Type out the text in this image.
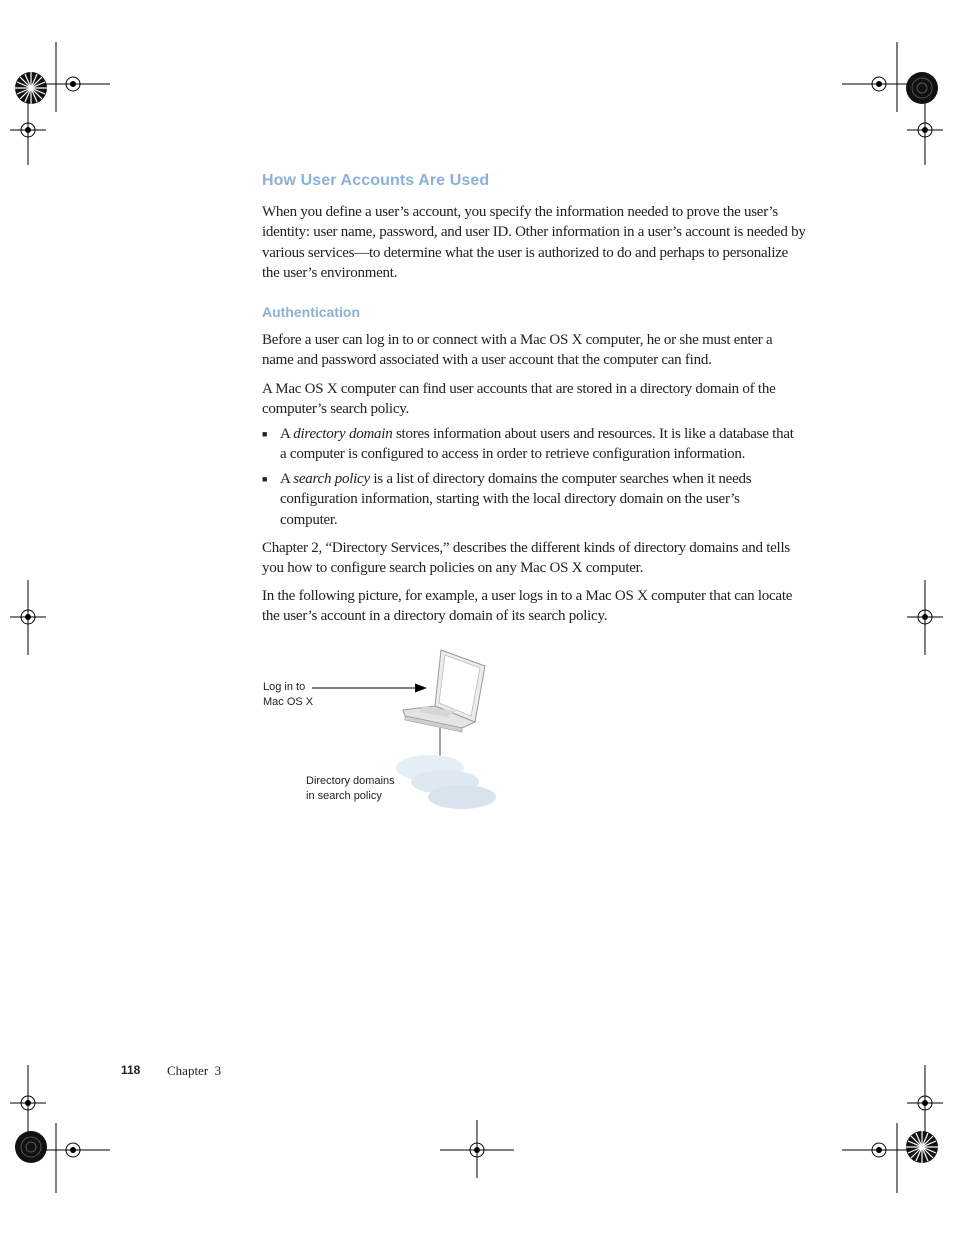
How User Accounts Are Used
When you define a user’s account, you specify the information needed to prove the user’s identity: user name, password, and user ID. Other information in a user’s account is needed by various services—to determine what the user is authorized to do and perhaps to personalize the user’s environment.
Authentication
Before a user can log in to or connect with a Mac OS X computer, he or she must enter a name and password associated with a user account that the computer can find.
A Mac OS X computer can find user accounts that are stored in a directory domain of the computer’s search policy.
■ A directory domain stores information about users and resources. It is like a database that a computer is configured to access in order to retrieve configuration information.
■ A search policy is a list of directory domains the computer searches when it needs configuration information, starting with the local directory domain on the user’s computer.
Chapter 2, “Directory Services,” describes the different kinds of directory domains and tells you how to configure search policies on any Mac OS X computer.
In the following picture, for example, a user logs in to a Mac OS X computer that can locate the user’s account in a directory domain of its search policy.
Log in to
Mac OS X
Directory domains
in search policy
118 Chapter  3
